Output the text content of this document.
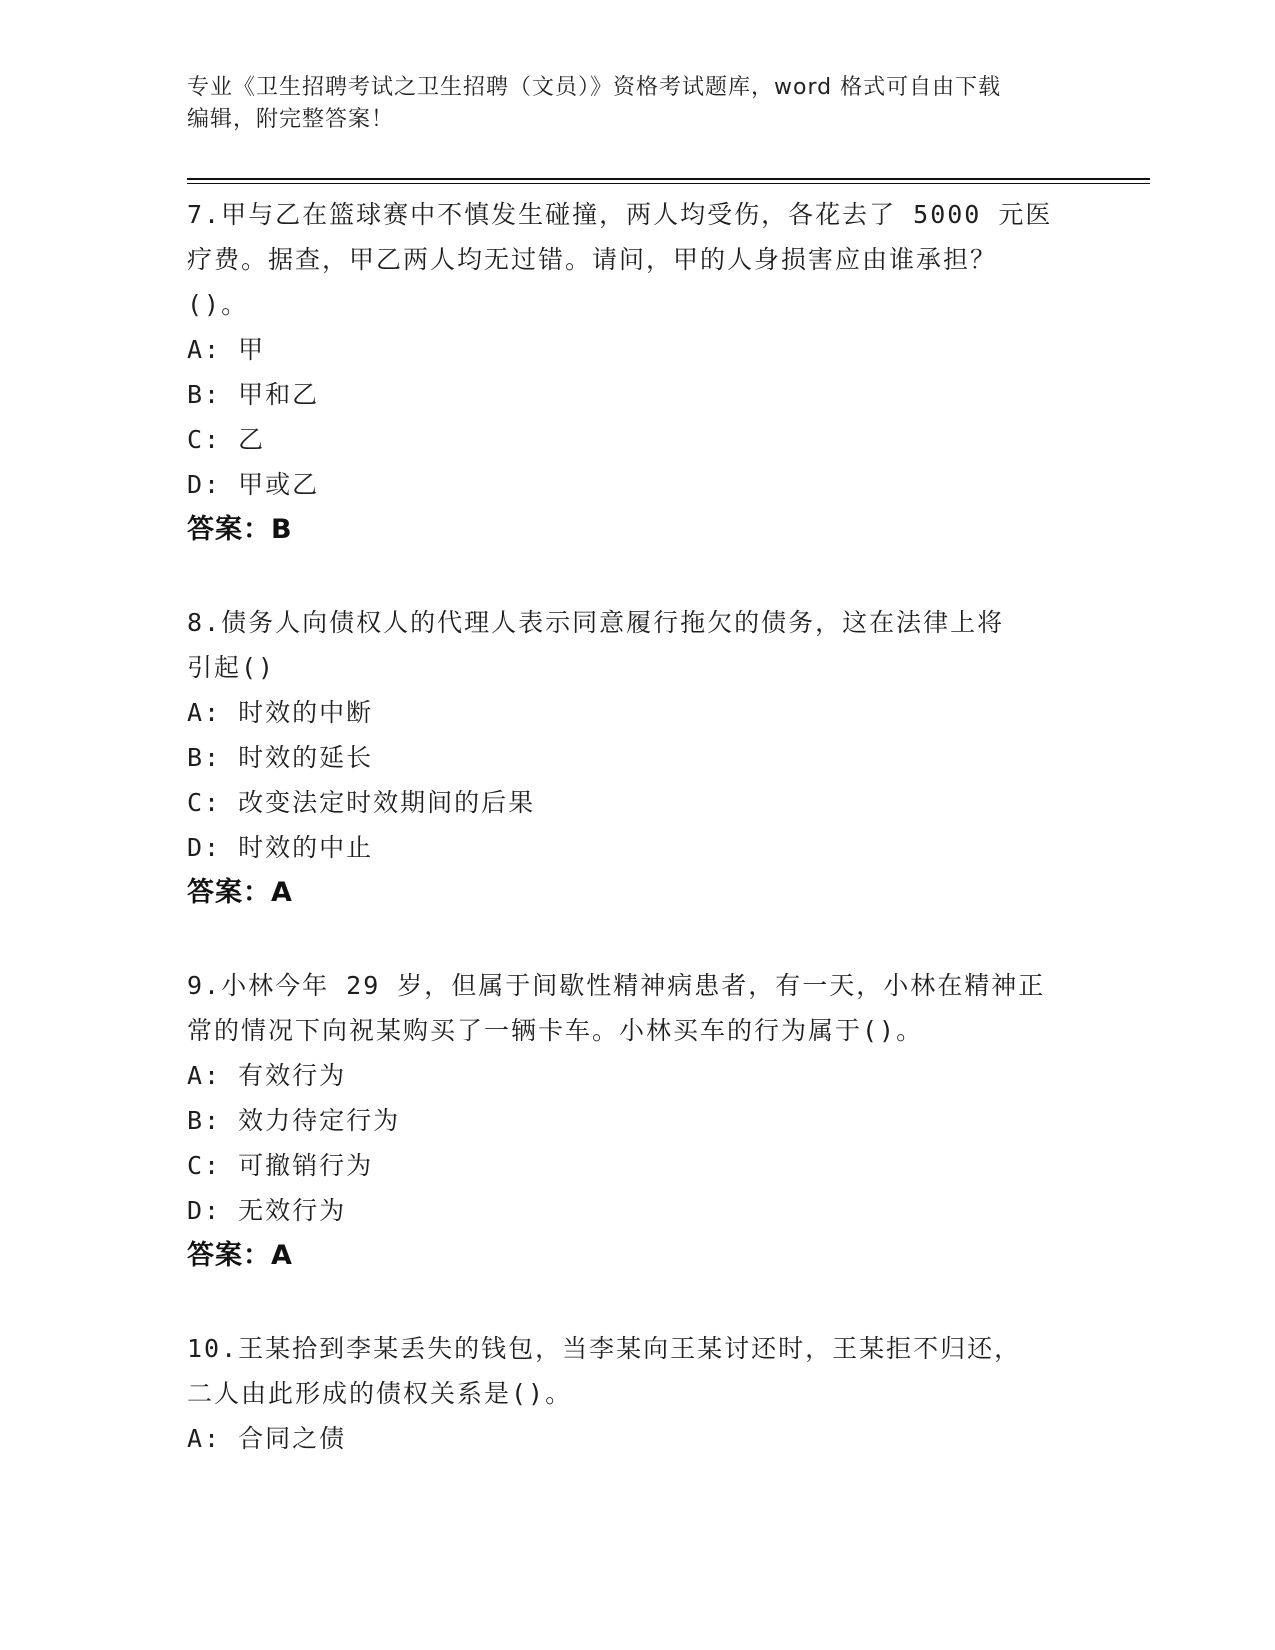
专业《卫生招聘考试之卫生招聘（文员）》资格考试题库，word 格式可自由下载
编辑，附完整答案！
7.甲与乙在篮球赛中不慎发生碰撞，两人均受伤，各花去了 5000 元医
疗费。据查，甲乙两人均无过错。请问，甲的人身损害应由谁承担？
()。
A: 甲
B: 甲和乙
C: 乙
D: 甲或乙
答案：B
8.债务人向债权人的代理人表示同意履行拖欠的债务，这在法律上将
引起()
A: 时效的中断
B: 时效的延长
C: 改变法定时效期间的后果
D: 时效的中止
答案：A
9.小林今年 29 岁，但属于间歇性精神病患者，有一天，小林在精神正
常的情况下向祝某购买了一辆卡车。小林买车的行为属于()。
A: 有效行为
B: 效力待定行为
C: 可撤销行为
D: 无效行为
答案：A
10.王某拾到李某丢失的钱包，当李某向王某讨还时，王某拒不归还，
二人由此形成的债权关系是()。
A: 合同之债
